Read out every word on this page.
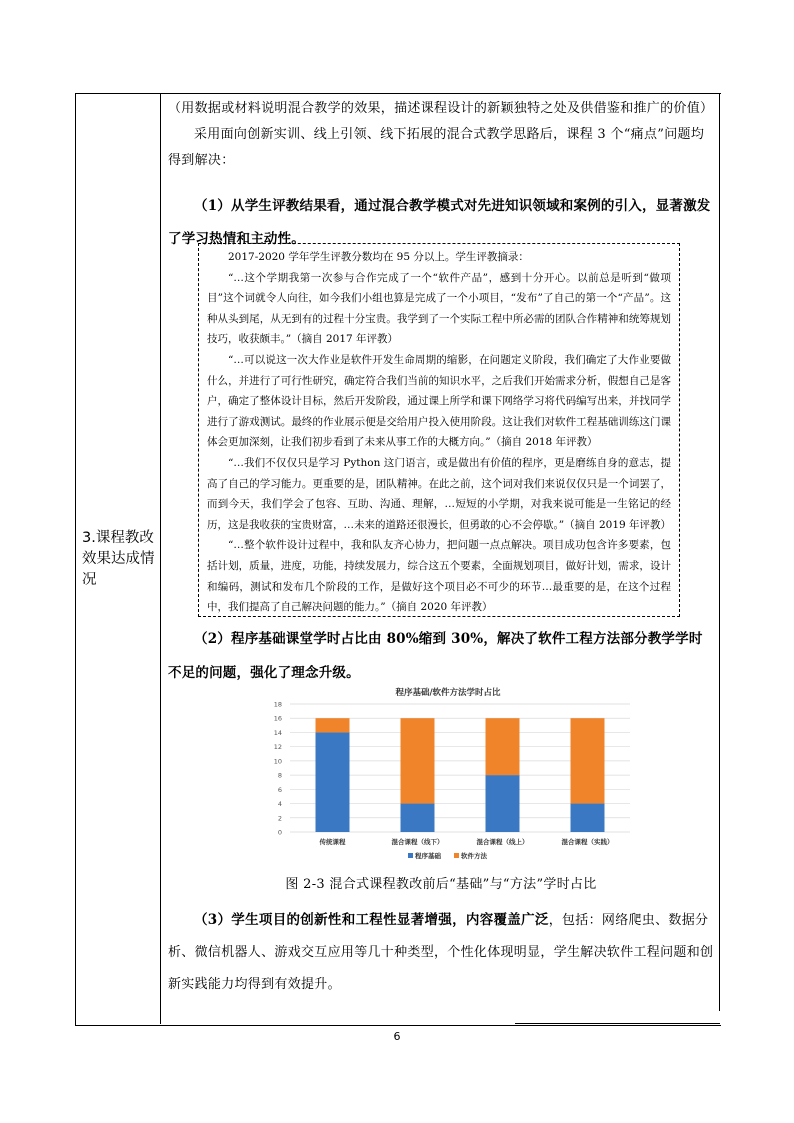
3.课程教改效果达成情况

（用数据或材料说明混合教学的效果，描述课程设计的新颖独特之处及供借鉴和推广的价值）

采用面向创新实训、线上引领、线下拓展的混合式教学思路后，课程 3 个“痛点”问题均得到解决：

（1）从学生评教结果看，通过混合教学模式对先进知识领域和案例的引入，显著激发了学习热情和主动性。

2017-2020 学年学生评教分数均在 95 分以上。学生评教摘录：

“…这个学期我第一次参与合作完成了一个“软件产品”，感到十分开心。以前总是听到“做项目”这个词就令人向往，如今我们小组也算是完成了一个小项目，“发布”了自己的第一个“产品”。这种从头到尾，从无到有的过程十分宝贵。我学到了一个实际工程中所必需的团队合作精神和统筹规划技巧，收获颇丰。”（摘自 2017 年评教）

“…可以说这一次大作业是软件开发生命周期的缩影，在问题定义阶段，我们确定了大作业要做什么，并进行了可行性研究，确定符合我们当前的知识水平，之后我们开始需求分析，假想自己是客户，确定了整体设计目标，然后开发阶段，通过课上所学和课下网络学习将代码编写出来，并找同学进行了游戏测试。最终的作业展示便是交给用户投入使用阶段。这让我们对软件工程基础训练这门课体会更加深刻，让我们初步看到了未来从事工作的大概方向。”（摘自 2018 年评教）

“…我们不仅仅只是学习 Python 这门语言，或是做出有价值的程序，更是磨练自身的意志，提高了自己的学习能力。更重要的是，团队精神。在此之前，这个词对我们来说仅仅只是一个词罢了，而到今天，我们学会了包容、互助、沟通、理解，…短短的小学期，对我来说可能是一生铭记的经历，这是我收获的宝贵财富，…未来的道路还很漫长，但勇敢的心不会停歇。”（摘自 2019 年评教）

“…整个软件设计过程中，我和队友齐心协力，把问题一点点解决。项目成功包含许多要素，包括计划，质量，进度，功能，持续发展力，综合这五个要素，全面规划项目，做好计划，需求，设计和编码，测试和发布几个阶段的工作，是做好这个项目必不可少的环节…最重要的是，在这个过程中，我们提高了自己解决问题的能力。”（摘自 2020 年评教）

（2）程序基础课堂学时占比由 80%缩到 30%，解决了软件工程方法部分教学学时不足的问题，强化了理念升级。
程序基础/软件方法学时占比
0
2
4
6
8
10
12
14
16
18
传统课程	混合课程（线下）	混合课程（线上）	混合课程（实践）
程序基础	软件方法
图 2-3 混合式课程教改前后“基础”与“方法”学时占比
（3）学生项目的创新性和工程性显著增强，内容覆盖广泛，包括：网络爬虫、数据分析、微信机器人、游戏交互应用等几十种类型，个性化体现明显，学生解决软件工程问题和创新实践能力均得到有效提升。
6
